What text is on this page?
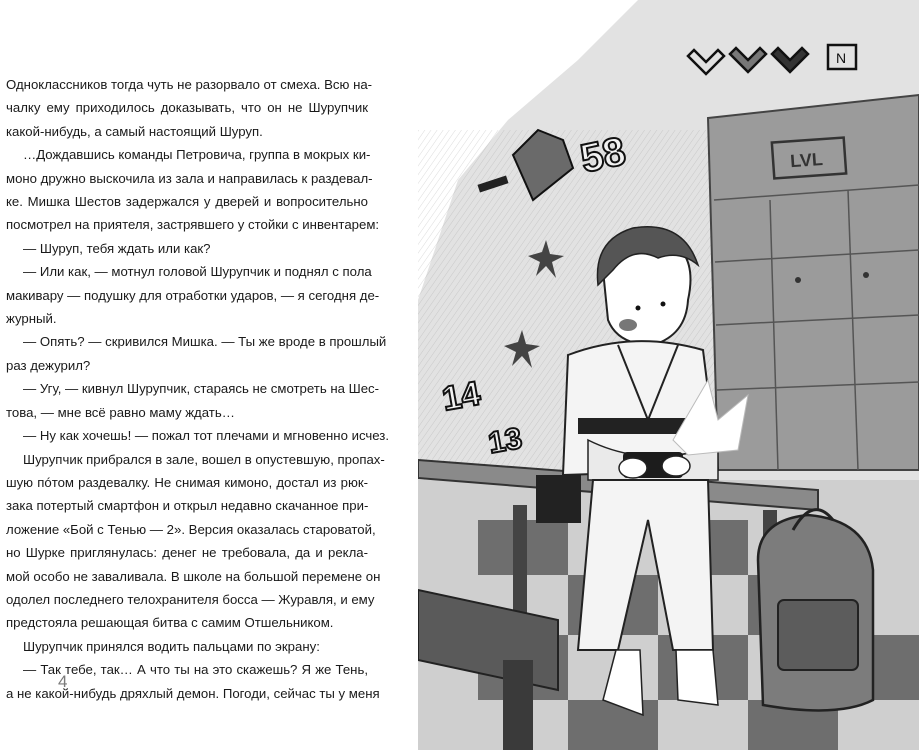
Одноклассников тогда чуть не разорвало от смеха. Всю на-
чалку ему приходилось доказывать, что он не Шурупчик
какой-нибудь, а самый настоящий Шуруп.
…Дождавшись команды Петровича, группа в мокрых ки-
моно дружно выскочила из зала и направилась к раздевал-
ке. Мишка Шестов задержался у дверей и вопросительно
посмотрел на приятеля, застрявшего у стойки с инвентарем:
— Шуруп, тебя ждать или как?
— Или как, — мотнул головой Шурупчик и поднял с пола
макивару — подушку для отработки ударов, — я сегодня де-
журный.
— Опять? — скривился Мишка. — Ты же вроде в прошлый
раз дежурил?
— Угу, — кивнул Шурупчик, стараясь не смотреть на Шес-
това, — мне всё равно маму ждать…
— Ну как хочешь! — пожал тот плечами и мгновенно исчез.
Шурупчик прибрался в зале, вошел в опустевшую, пропах-
шую пóтом раздевалку. Не снимая кимоно, достал из рюк-
зака потертый смартфон и открыл недавно скачанное при-
ложение «Бой с Тенью — 2». Версия оказалась староватой,
но Шурке приглянулась: денег не требовала, да и рекла-
мой особо не заваливала. В школе на большой перемене он
одолел последнего телохранителя босса — Журавля, и ему
предстояла решающая битва с самим Отшельником.
Шурупчик принялся водить пальцами по экрану:
— Так тебе, так… А что ты на это скажешь? Я же Тень,
а не какой-нибудь дряхлый демон. Погоди, сейчас ты у меня
4
LVL
N
58
14
13
